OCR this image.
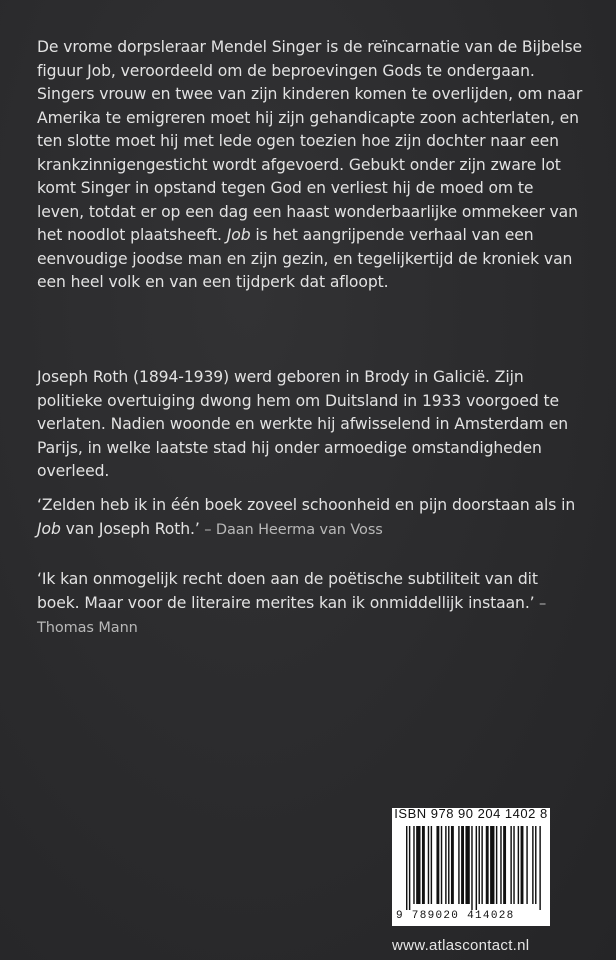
De vrome dorpsleraar Mendel Singer is de reïncarnatie van de Bijbelse figuur Job, veroordeeld om de beproevingen Gods te ondergaan. Singers vrouw en twee van zijn kinderen komen te overlijden, om naar Amerika te emigreren moet hij zijn gehandicapte zoon achterlaten, en ten slotte moet hij met lede ogen toezien hoe zijn dochter naar een krankzinnigengesticht wordt afgevoerd. Gebukt onder zijn zware lot komt Singer in opstand tegen God en verliest hij de moed om te leven, totdat er op een dag een haast wonderbaarlijke ommekeer van het noodlot plaatsheeft. Job is het aangrijpende verhaal van een eenvoudige joodse man en zijn gezin, en tegelijkertijd de kroniek van een heel volk en van een tijdperk dat afloopt.

Joseph Roth (1894-1939) werd geboren in Brody in Galicië. Zijn politieke overtuiging dwong hem om Duitsland in 1933 voorgoed te verlaten. Nadien woonde en werkte hij afwisselend in Amsterdam en Parijs, in welke laatste stad hij onder armoedige omstandigheden overleed.

‘Zelden heb ik in één boek zoveel schoonheid en pijn doorstaan als in Job van Joseph Roth.’ – Daan Heerma van Voss

‘Ik kan onmogelijk recht doen aan de poëtische subtiliteit van dit boek. Maar voor de literaire merites kan ik onmiddellijk instaan.’ – Thomas Mann

ISBN 978 90 204 1402 8
9 789020 414028
www.atlascontact.nl
